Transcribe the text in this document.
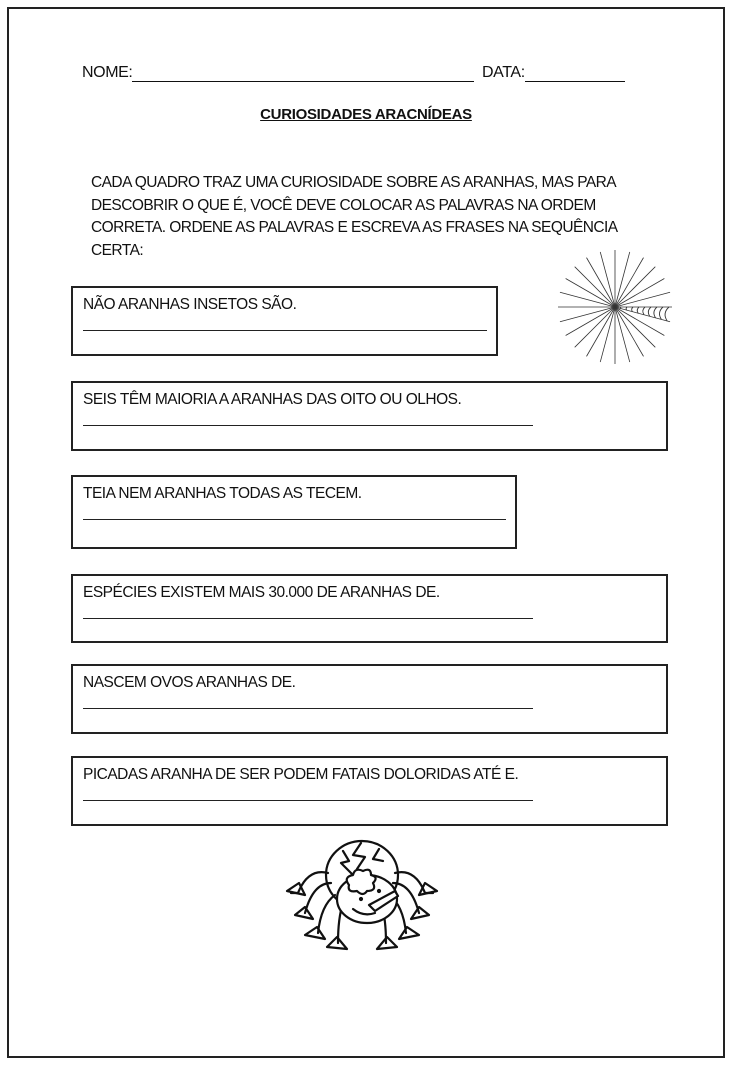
NOME:	DATA:
CURIOSIDADES ARACNÍDEAS
CADA QUADRO TRAZ UMA CURIOSIDADE SOBRE AS ARANHAS, MAS PARA DESCOBRIR O QUE É, VOCÊ DEVE COLOCAR AS PALAVRAS NA ORDEM CORRETA. ORDENE AS PALAVRAS E ESCREVA AS FRASES NA SEQUÊNCIA CERTA:
NÃO ARANHAS INSETOS SÃO.
SEIS TÊM MAIORIA A ARANHAS DAS OITO OU OLHOS.
TEIA NEM ARANHAS TODAS AS TECEM.
ESPÉCIES EXISTEM MAIS 30.000 DE ARANHAS DE.
NASCEM OVOS ARANHAS DE.
PICADAS ARANHA DE SER PODEM FATAIS DOLORIDAS ATÉ E.
